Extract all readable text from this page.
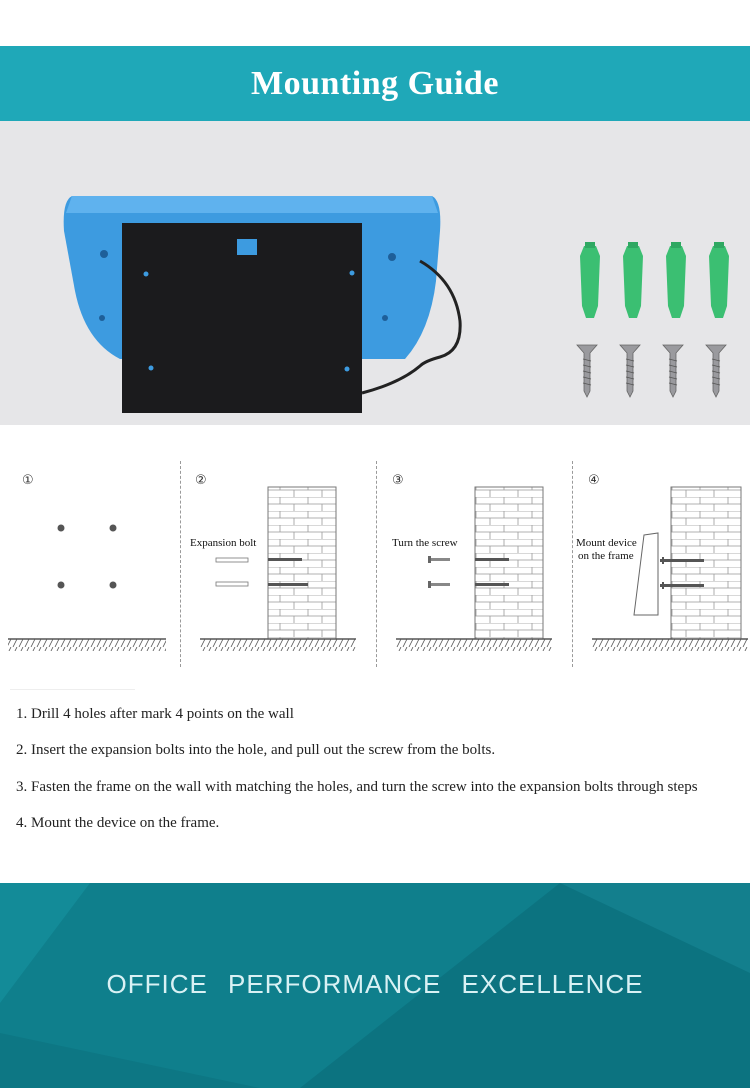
Mounting Guide
①	②
Expansion bolt
③
Turn the screw
④
Mount device
on the frame
1. Drill 4 holes after mark 4 points on the wall
2. Insert the expansion bolts into the hole, and pull out the screw from the bolts.
3. Fasten the frame on the wall with matching the holes, and turn the screw into the expansion bolts through steps
4. Mount the device on the frame.
OFFICE PERFORMANCE EXCELLENCE
